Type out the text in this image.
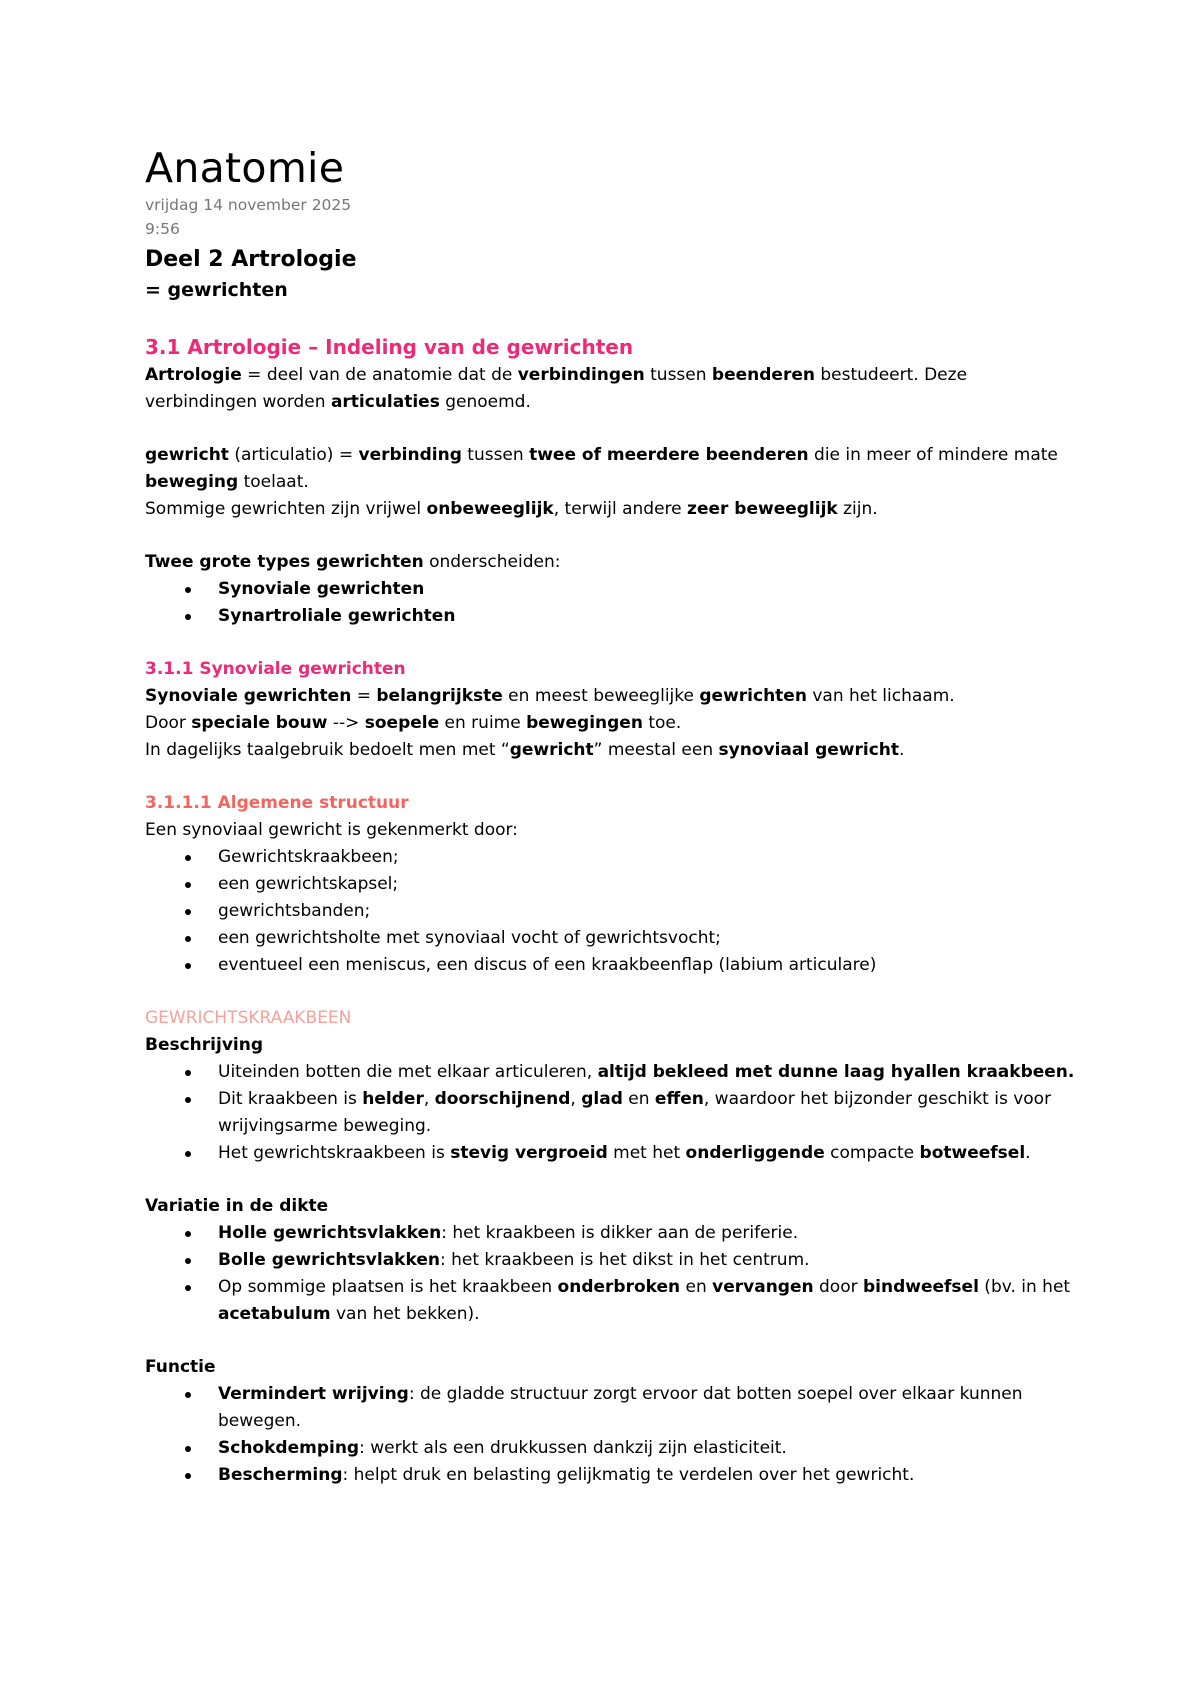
Anatomie
vrijdag 14 november 2025
9:56
Deel 2 Artrologie
= gewrichten
3.1 Artrologie – Indeling van de gewrichten
Artrologie = deel van de anatomie dat de verbindingen tussen beenderen bestudeert. Deze verbindingen worden articulaties genoemd.
gewricht (articulatio) = verbinding tussen twee of meerdere beenderen die in meer of mindere mate beweging toelaat.
Sommige gewrichten zijn vrijwel onbeweeglijk, terwijl andere zeer beweeglijk zijn.
Twee grote types gewrichten onderscheiden:
Synoviale gewrichten
Synartroliale gewrichten
3.1.1 Synoviale gewrichten
Synoviale gewrichten = belangrijkste en meest beweeglijke gewrichten van het lichaam.
Door speciale bouw --> soepele en ruime bewegingen toe.
In dagelijks taalgebruik bedoelt men met “gewricht” meestal een synoviaal gewricht.
3.1.1.1 Algemene structuur
Een synoviaal gewricht is gekenmerkt door:
Gewrichtskraakbeen;
een gewrichtskapsel;
gewrichtsbanden;
een gewrichtsholte met synoviaal vocht of gewrichtsvocht;
eventueel een meniscus, een discus of een kraakbeenflap (labium articulare)
GEWRICHTSKRAAKBEEN
Beschrijving
Uiteinden botten die met elkaar articuleren, altijd bekleed met dunne laag hyallen kraakbeen.
Dit kraakbeen is helder, doorschijnend, glad en effen, waardoor het bijzonder geschikt is voor wrijvingsarme beweging.
Het gewrichtskraakbeen is stevig vergroeid met het onderliggende compacte botweefsel.
Variatie in de dikte
Holle gewrichtsvlakken: het kraakbeen is dikker aan de periferie.
Bolle gewrichtsvlakken: het kraakbeen is het dikst in het centrum.
Op sommige plaatsen is het kraakbeen onderbroken en vervangen door bindweefsel (bv. in het acetabulum van het bekken).
Functie
Vermindert wrijving: de gladde structuur zorgt ervoor dat botten soepel over elkaar kunnen bewegen.
Schokdemping: werkt als een drukkussen dankzij zijn elasticiteit.
Bescherming: helpt druk en belasting gelijkmatig te verdelen over het gewricht.
